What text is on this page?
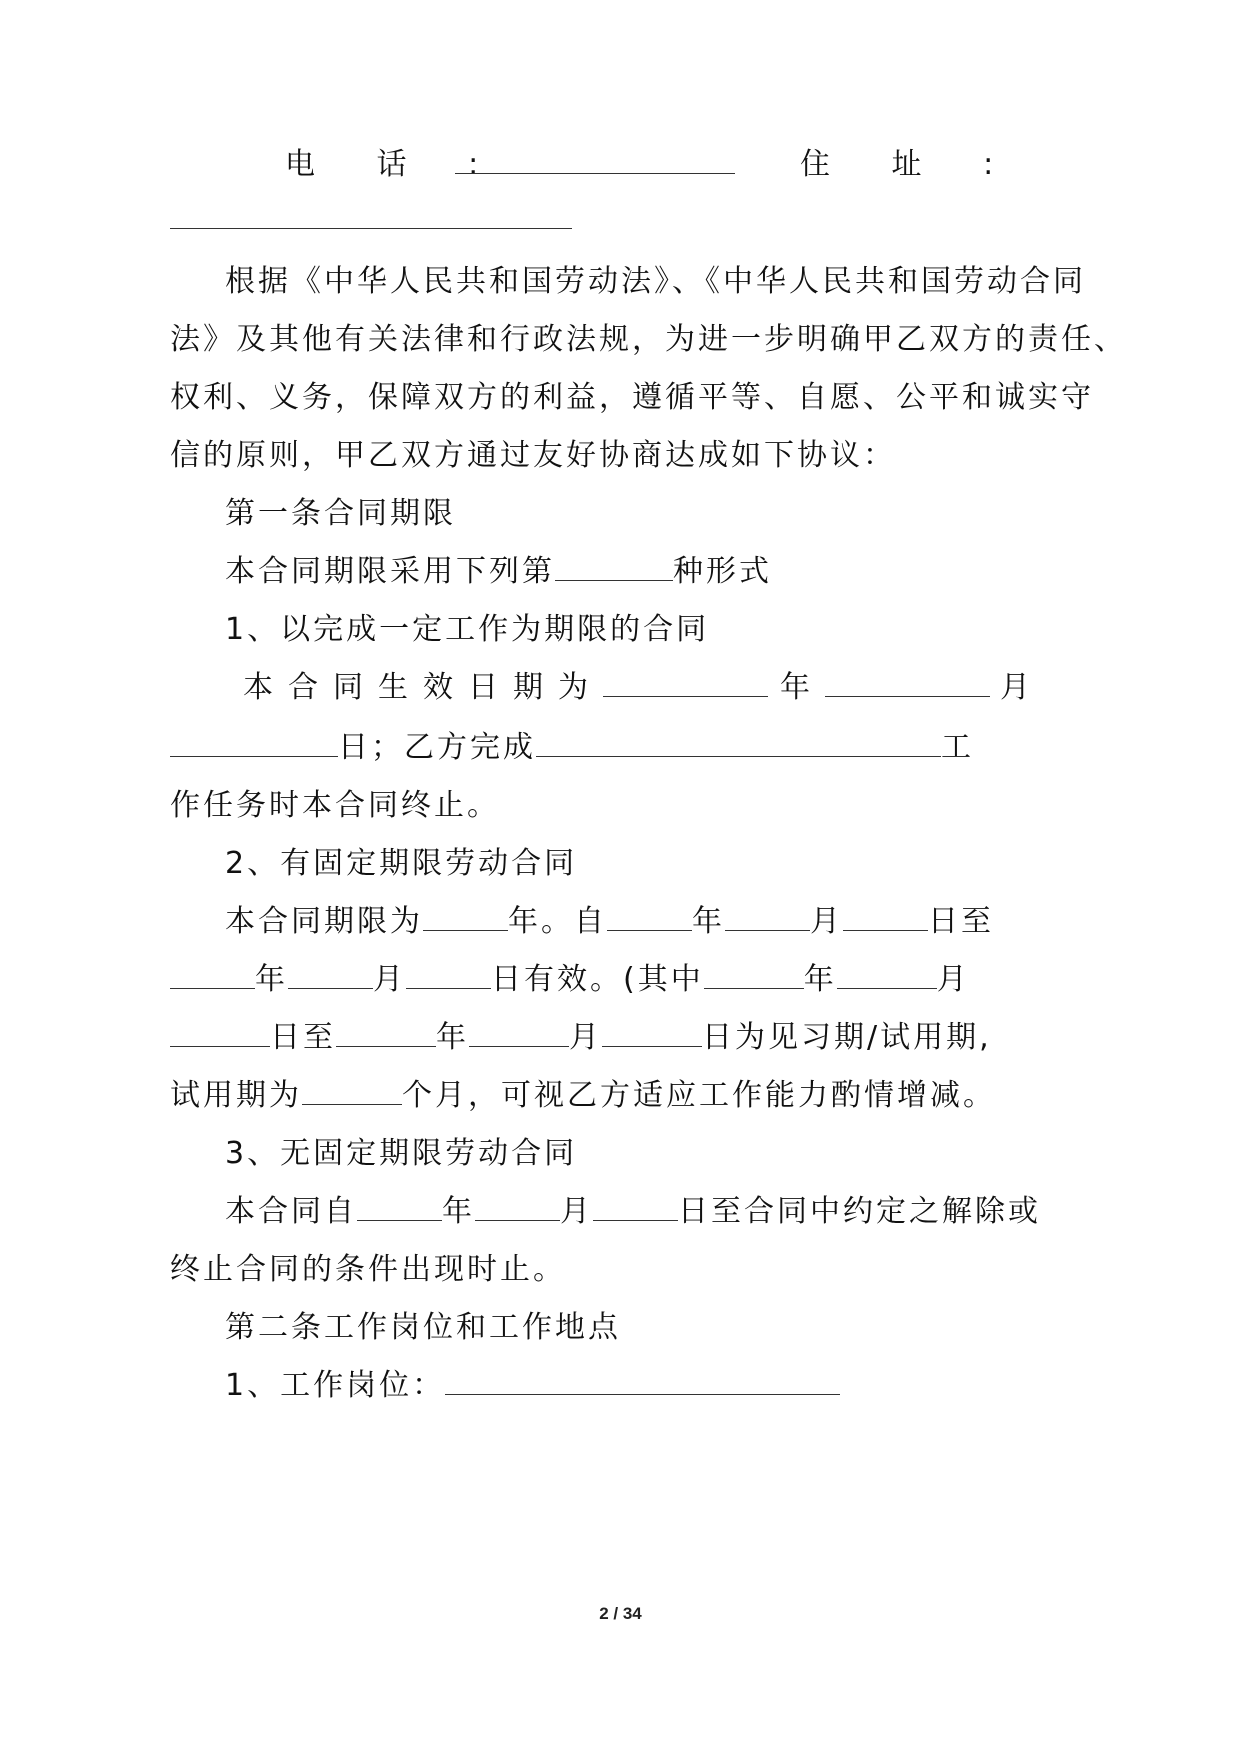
电 话 :	住 址 :
根据《中华人民共和国劳动法》、《中华人民共和国劳动合同
法》及其他有关法律和行政法规，为进一步明确甲乙双方的责任、
权利、义务，保障双方的利益，遵循平等、自愿、公平和诚实守
信的原则，甲乙双方通过友好协商达成如下协议：
第一条合同期限
本合同期限采用下列第	种形式
1、以完成一定工作为期限的合同
本合同生效日期为	年	月
日；乙方完成	工
作任务时本合同终止。
2、有固定期限劳动合同
本合同期限为	年。自	年	月	日至
年	月	日有效。(其中	年	月
日至	年	月	日为见习期/试用期,
试用期为	个月，可视乙方适应工作能力酌情增减。
3、无固定期限劳动合同
本合同自	年	月	日至合同中约定之解除或
终止合同的条件出现时止。
第二条工作岗位和工作地点
1、工作岗位：
2 / 34
